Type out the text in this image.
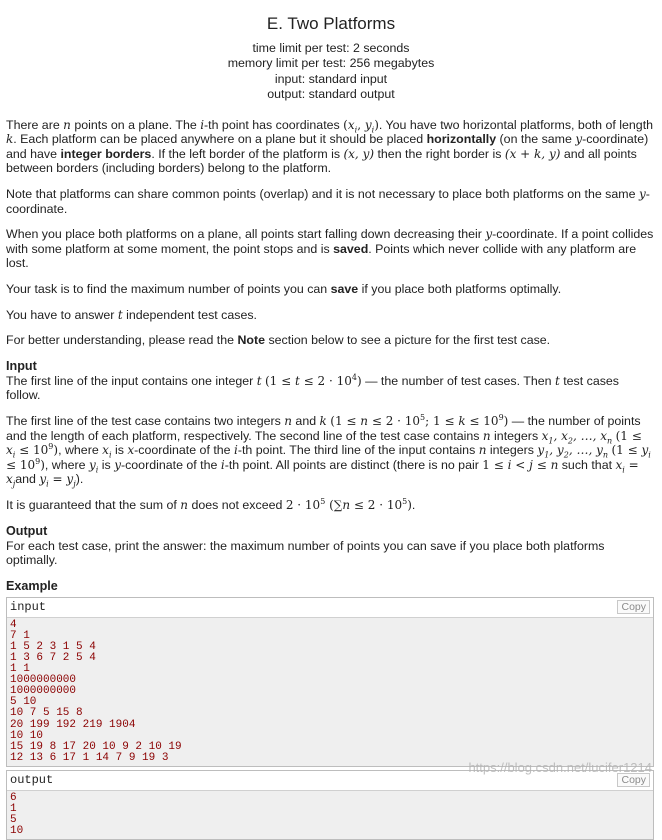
E. Two Platforms
time limit per test: 2 seconds
memory limit per test: 256 megabytes
input: standard input
output: standard output

There are n points on a plane. The i-th point has coordinates ($x_i$, $y_i$). You have two horizontal platforms, both of length k. Each platform can be placed anywhere on a plane but it should be placed horizontally (on the same y-coordinate) and have integer borders. If the left border of the platform is (x, y) then the right border is (x + k, y) and all points between borders (including borders) belong to the platform.

Note that platforms can share common points (overlap) and it is not necessary to place both platforms on the same y-coordinate.

When you place both platforms on a plane, all points start falling down decreasing their y-coordinate. If a point collides with some platform at some moment, the point stops and is saved. Points which never collide with any platform are lost.

Your task is to find the maximum number of points you can save if you place both platforms optimally.

You have to answer t independent test cases.

For better understanding, please read the Note section below to see a picture for the first test case.

Input

The first line of the input contains one integer t $(1 \le t \le 2 \cdot 10^4)$ — the number of test cases. Then t test cases follow.

The first line of the test case contains two integers n and k ($1 \le n \le 2 \cdot 10^5$; $1 \le k \le 10^9$) — the number of points and the length of each platform, respectively. The second line of the test case contains n integers $x_1$, $x_2$, …, $x_n$ $(1 \le x_i \le 10^9)$, where $x_i$ is x-coordinate of the i-th point. The third line of the input contains n integers $y_1$, $y_2$, …, $y_n$ $(1 \le y_i \le 10^9)$, where $y_i$ is y-coordinate of the i-th point. All points are distinct (there is no pair 1 ≤ i < j ≤ n such that $x_i = x_jand$ $y_i = y_j$).

It is guaranteed that the sum of n does not exceed $2 \cdot 10^5$ $(\sum n \le 2 \cdot 10^5)$.

Output

For each test case, print the answer: the maximum number of points you can save if you place both platforms optimally.

Example
input	Copy
4
7 1
1 5 2 3 1 5 4
1 3 6 7 2 5 4
1 1
1000000000
1000000000
5 10
10 7 5 15 8
20 199 192 219 1904
10 10
15 19 8 17 20 10 9 2 10 19
12 13 6 17 1 14 7 9 19 3
output	Copy
6
1
5
10
https://blog.csdn.net/lucifer1214
